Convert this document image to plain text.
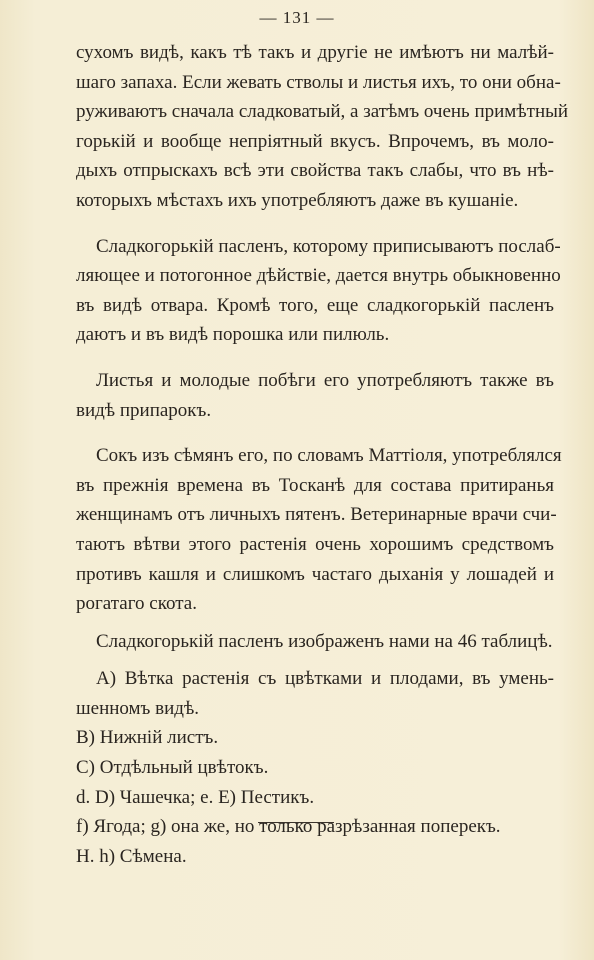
— 131 —
сухомъ видѣ, какъ тѣ такъ и другіе не имѣютъ ни малѣй-
шаго запаха. Если жевать стволы и листья ихъ, то они обна-
руживаютъ сначала сладковатый, а затѣмъ очень примѣтный
горькій и вообще непріятный вкусъ. Впрочемъ, въ моло-
дыхъ отпрыскахъ всѣ эти свойства такъ слабы, что въ нѣ-
которыхъ мѣстахъ ихъ употребляютъ даже въ кушаніе.
Сладкогорькій пасленъ, которому приписываютъ послаб-
ляющее и потогонное дѣйствіе, дается внутрь обыкновенно
въ видѣ отвара. Кромѣ того, еще сладкогорькій пасленъ
даютъ и въ видѣ порошка или пилюль.
Листья и молодые побѣги его употребляютъ также въ
видѣ припарокъ.
Сокъ изъ сѣмянъ его, по словамъ Маттіоля, употреблялся
въ прежнія времена въ Тосканѣ для состава притиранья
женщинамъ отъ личныхъ пятенъ. Ветеринарные врачи счи-
таютъ вѣтви этого растенія очень хорошимъ средствомъ
противъ кашля и слишкомъ частаго дыханія у лошадей и
рогатаго скота.
Сладкогорькій пасленъ изображенъ нами на 46 таблицѣ.
A) Вѣтка растенія съ цвѣтками и плодами, въ умень-
шенномъ видѣ.
B) Нижній листъ.
C) Отдѣльный цвѣтокъ.
d. D) Чашечка; e. E) Пестикъ.
f) Ягода; g) она же, но только разрѣзанная поперекъ.
H. h) Сѣмена.
